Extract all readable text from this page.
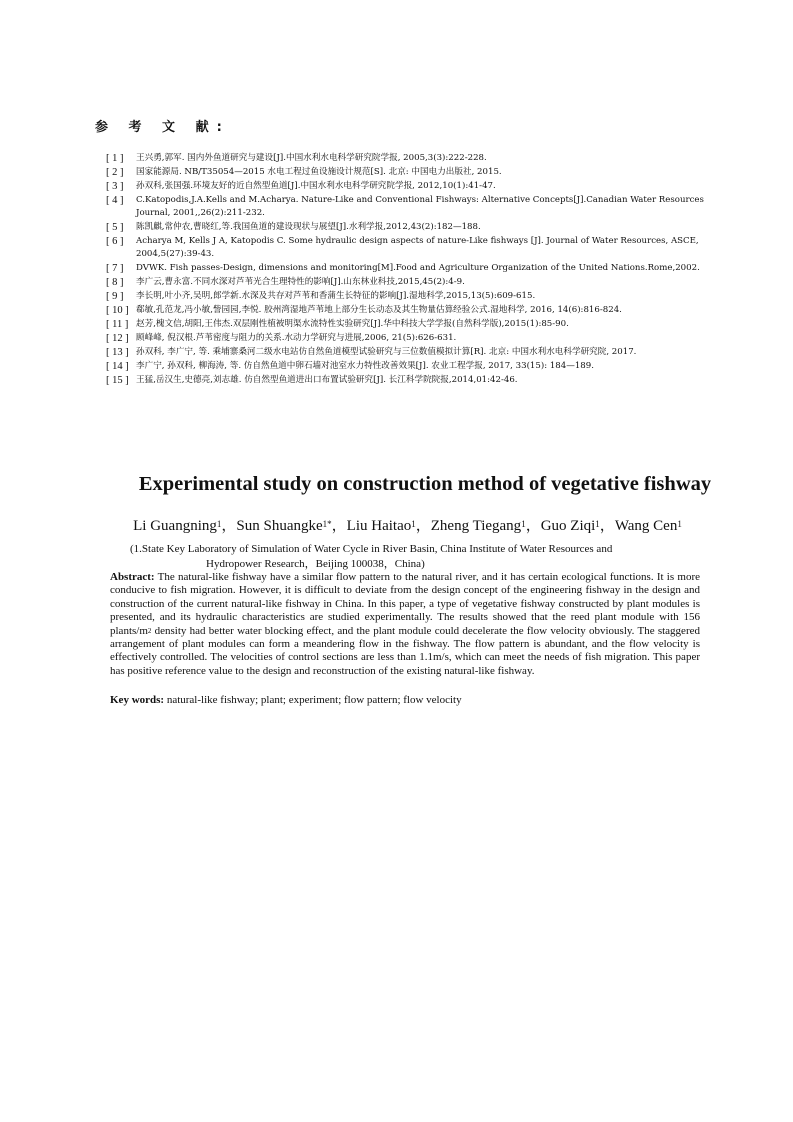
参 考 文 献:
[ 1 ]	王兴勇,郭军. 国内外鱼道研究与建设[J].中国水利水电科学研究院学报, 2005,3(3):222-228.
[ 2 ]	国家能源局. NB/T35054—2015 水电工程过鱼设施设计规范[S]. 北京: 中国电力出版社, 2015.
[ 3 ]	孙双科,张国强.环境友好的近自然型鱼道[J].中国水利水电科学研究院学报, 2012,10(1):41-47.
[ 4 ]	C.Katopodis,J.A.Kells and M.Acharya. Nature-Like and Conventional Fishways: Alternative Concepts[J].Canadian Water Resources Journal, 2001,,26(2):211-232.
[ 5 ]	陈凯麒,常仲农,曹晓红,等.我国鱼道的建设现状与展望[J].水利学报,2012,43(2):182—188.
[ 6 ]	Acharya M, Kells J A, Katopodis C. Some hydraulic design aspects of nature-Like fishways [J]. Journal of Water Resources, ASCE, 2004,5(27):39-43.
[ 7 ]	DVWK. Fish passes-Design, dimensions and monitoring[M].Food and Agriculture Organization of the United Nations.Rome,2002.
[ 8 ]	李广云,曹永富.不同水深对芦苇光合生理特性的影响[J].山东林业科技,2015,45(2):4-9.
[ 9 ]	李长明,叶小齐,吴明,郎学新.水深及共存对芦苇和香蒲生长特征的影响[J].湿地科学,2015,13(5):609-615.
[ 10 ] 郗敏,孔范龙,冯小敏,訾园园,李悦. 胶州湾湿地芦苇地上部分生长动态及其生物量估算经验公式.湿地科学, 2016, 14(6):816-824.
[ 11 ] 赵芳,槐文信,胡阳,王伟杰.双层刚性植被明渠水流特性实验研究[J].华中科技大学学报(自然科学版),2015(1):85-90.
[ 12 ] 顾峰峰, 倪汉根.芦苇密度与阻力的关系.水动力学研究与进展,2006, 21(5):626-631.
[ 13 ] 孙双科, 李广宁, 等. 乘埔寨桑河二级水电站仿自然鱼道模型试验研究与三位数值模拟计算[R]. 北京: 中国水利水电科学研究院, 2017.
[ 14 ] 李广宁, 孙双科, 柳海涛, 等. 仿自然鱼道中卵石墙对池室水力特性改善效果[J]. 农业工程学报, 2017, 33(15): 184—189.
[ 15 ] 王猛,岳汉生,史德亮,刘志雄. 仿自然型鱼道进出口布置试验研究[J]. 长江科学院院报,2014,01:42-46.
Experimental study on construction method of vegetative fishway
Li Guangning$^1$，Sun Shuangke$^{1*}$，Liu Haitao$^1$，Zheng Tiegang$^1$，Guo Ziqi$^1$，Wang Cen$^1$
(1.State Key Laboratory of Simulation of Water Cycle in River Basin, China Institute of Water Resources and
Hydropower Research，Beijing 100038，China)
Abstract: The natural-like fishway have a similar flow pattern to the natural river, and it has certain ecological functions. It is more conducive to fish migration. However, it is difficult to deviate from the design concept of the engineering fishway in the design and construction of the current natural-like fishway in China. In this paper, a type of vegetative fishway constructed by plant modules is presented, and its hydraulic characteristics are studied experimentally. The results showed that the reed plant module with 156 plants/$m^2$ density had better water blocking effect, and the plant module could decelerate the flow velocity obviously. The staggered arrangement of plant modules can form a meandering flow in the fishway. The flow pattern is abundant, and the flow velocity is effectively controlled. The velocities of control sections are less than 1.1m/s, which can meet the needs of fish migration. This paper has positive reference value to the design and reconstruction of the existing natural-like fishway.
Key words: natural-like fishway; plant; experiment; flow pattern; flow velocity
